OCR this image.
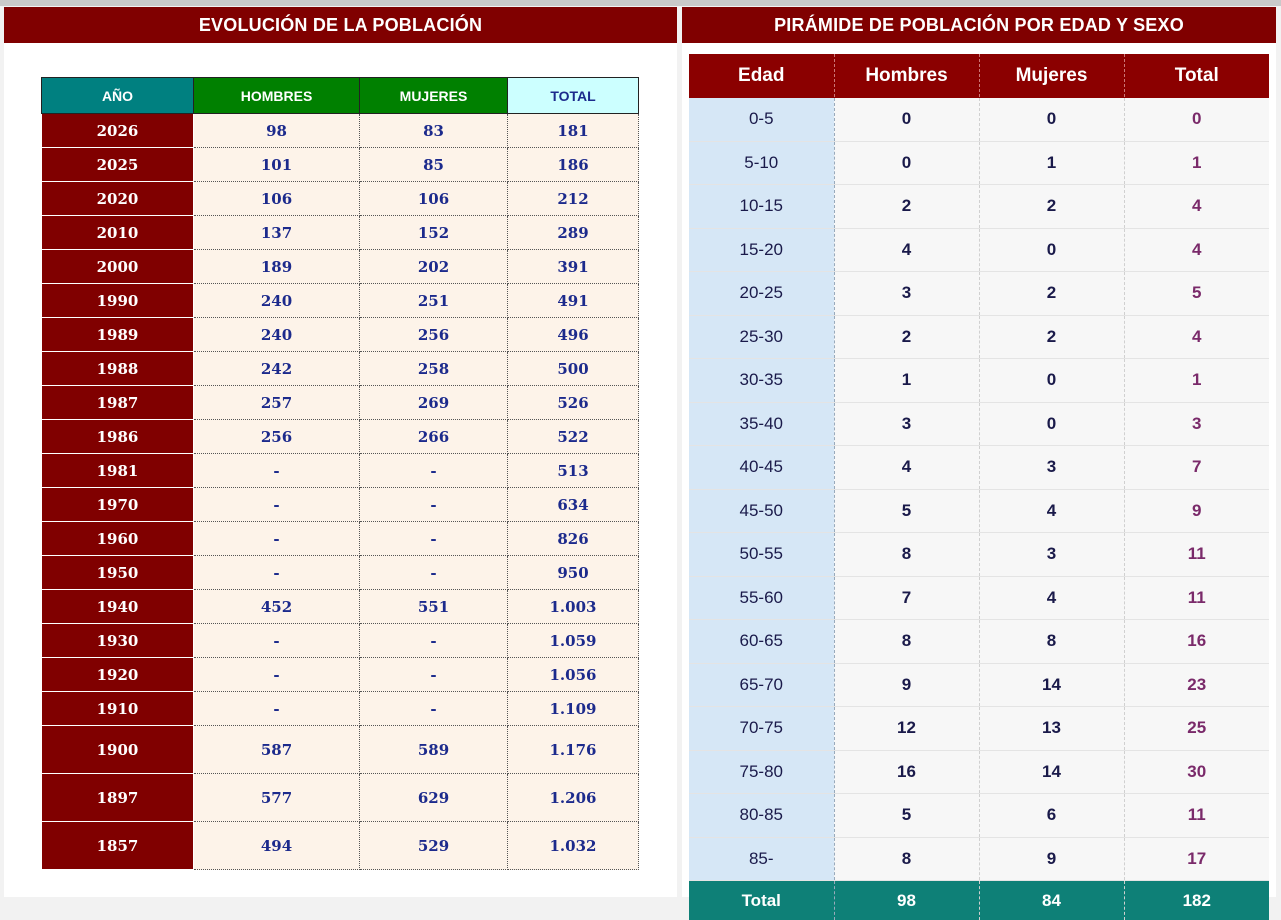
EVOLUCIÓN DE LA POBLACIÓN
AÑO	HOMBRES	MUJERES	TOTAL
2026	98	83	181
2025	101	85	186
2020	106	106	212
2010	137	152	289
2000	189	202	391
1990	240	251	491
1989	240	256	496
1988	242	258	500
1987	257	269	526
1986	256	266	522
1981	-	-	513
1970	-	-	634
1960	-	-	826
1950	-	-	950
1940	452	551	1.003
1930	-	-	1.059
1920	-	-	1.056
1910	-	-	1.109
1900	587	589	1.176
1897	577	629	1.206
1857	494	529	1.032
PIRÁMIDE DE POBLACIÓN POR EDAD Y SEXO
Edad	Hombres	Mujeres	Total
0-5	0	0	0
5-10	0	1	1
10-15	2	2	4
15-20	4	0	4
20-25	3	2	5
25-30	2	2	4
30-35	1	0	1
35-40	3	0	3
40-45	4	3	7
45-50	5	4	9
50-55	8	3	11
55-60	7	4	11
60-65	8	8	16
65-70	9	14	23
70-75	12	13	25
75-80	16	14	30
80-85	5	6	11
85-	8	9	17
Total	98	84	182
